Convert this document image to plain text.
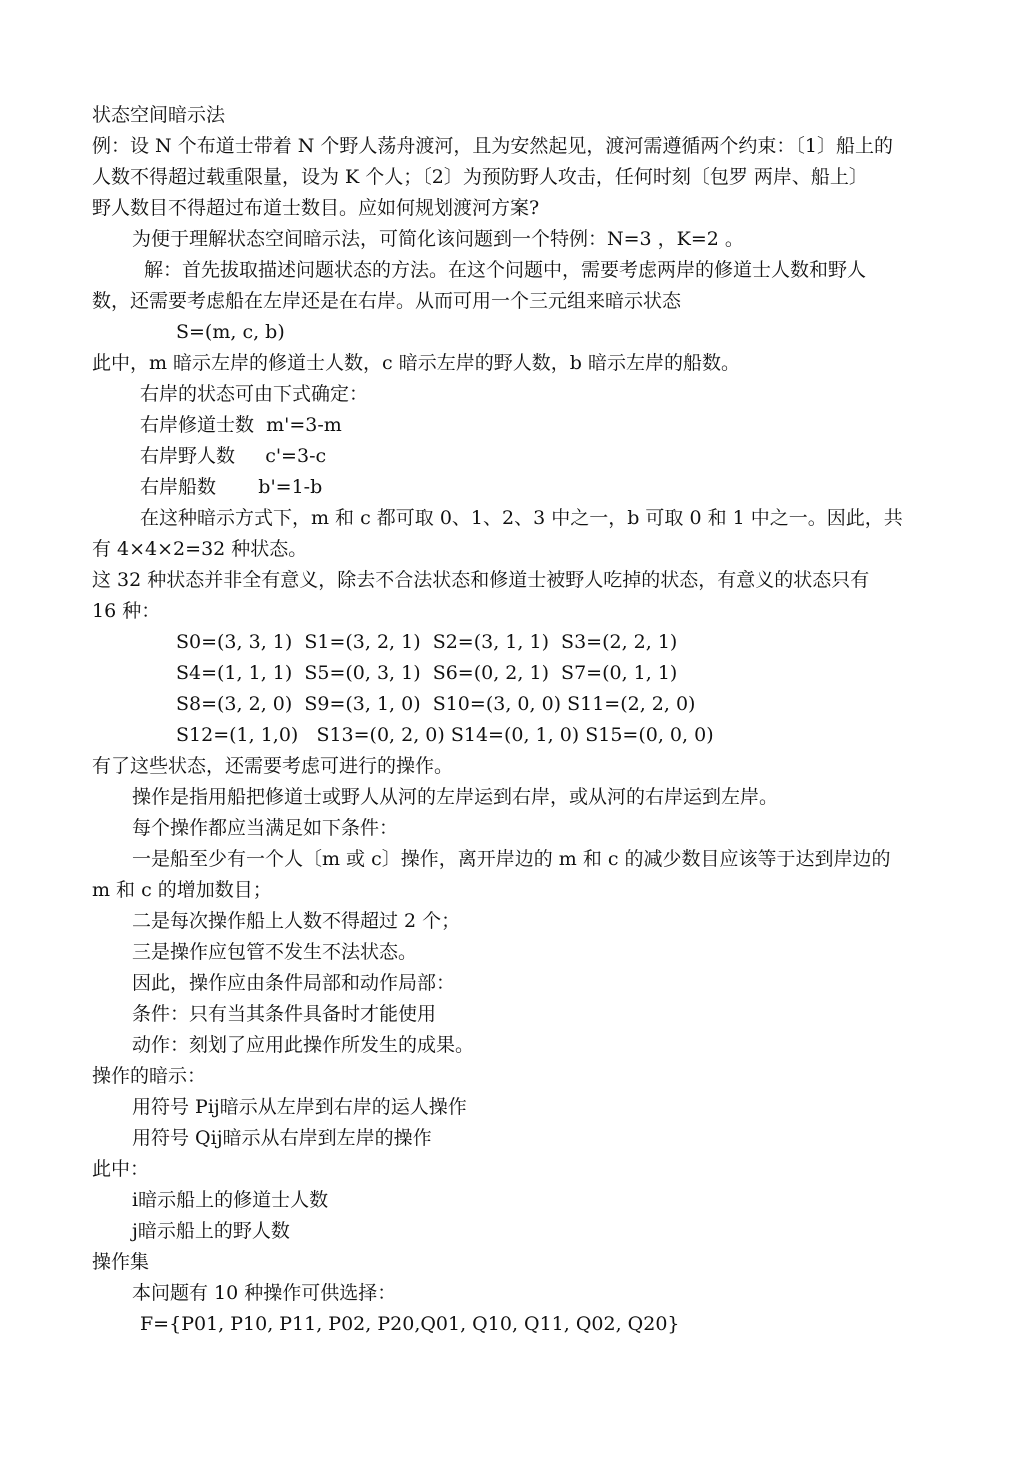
状态空间暗示法

例：设 N 个布道士带着 N 个野人荡舟渡河，且为安然起见，渡河需遵循两个约束：〔1〕船上的

人数不得超过载重限量，设为 K 个人；〔2〕为预防野人攻击，任何时刻〔包罗 两岸、船上〕

野人数目不得超过布道士数目。应如何规划渡河方案?

为便于理解状态空间暗示法，可简化该问题到一个特例：N=3 ，K=2 。

解：首先拔取描述问题状态的方法。在这个问题中，需要考虑两岸的修道士人数和野人

数，还需要考虑船在左岸还是在右岸。从而可用一个三元组来暗示状态

S=(m, c, b)

此中，m 暗示左岸的修道士人数，c 暗示左岸的野人数，b 暗示左岸的船数。

右岸的状态可由下式确定：

右岸修道士数  m'=3-m

右岸野人数     c'=3-c

右岸船数       b'=1-b

在这种暗示方式下，m 和 c 都可取 0、1、2、3 中之一，b 可取 0 和 1 中之一。因此，共

有 4×4×2=32 种状态。

这 32 种状态并非全有意义，除去不合法状态和修道士被野人吃掉的状态，有意义的状态只有

16 种：

S0=(3, 3, 1)  S1=(3, 2, 1)  S2=(3, 1, 1)  S3=(2, 2, 1)

S4=(1, 1, 1)  S5=(0, 3, 1)  S6=(0, 2, 1)  S7=(0, 1, 1)

S8=(3, 2, 0)  S9=(3, 1, 0)  S10=(3, 0, 0) S11=(2, 2, 0)

S12=(1, 1,0)   S13=(0, 2, 0) S14=(0, 1, 0) S15=(0, 0, 0)

有了这些状态，还需要考虑可进行的操作。

操作是指用船把修道士或野人从河的左岸运到右岸，或从河的右岸运到左岸。

每个操作都应当满足如下条件：

一是船至少有一个人〔m 或 c〕操作，离开岸边的 m 和 c 的减少数目应该等于达到岸边的

m 和 c 的增加数目；

二是每次操作船上人数不得超过 2 个；

三是操作应包管不发生不法状态。

因此，操作应由条件局部和动作局部：

条件：只有当其条件具备时才能使用

动作：刻划了应用此操作所发生的成果。

操作的暗示：

用符号 Pij暗示从左岸到右岸的运人操作

用符号 Qij暗示从右岸到左岸的操作

此中：

i暗示船上的修道士人数

j暗示船上的野人数

操作集

本问题有 10 种操作可供选择：

F={P01, P10, P11, P02, P20,Q01, Q10, Q11, Q02, Q20}
